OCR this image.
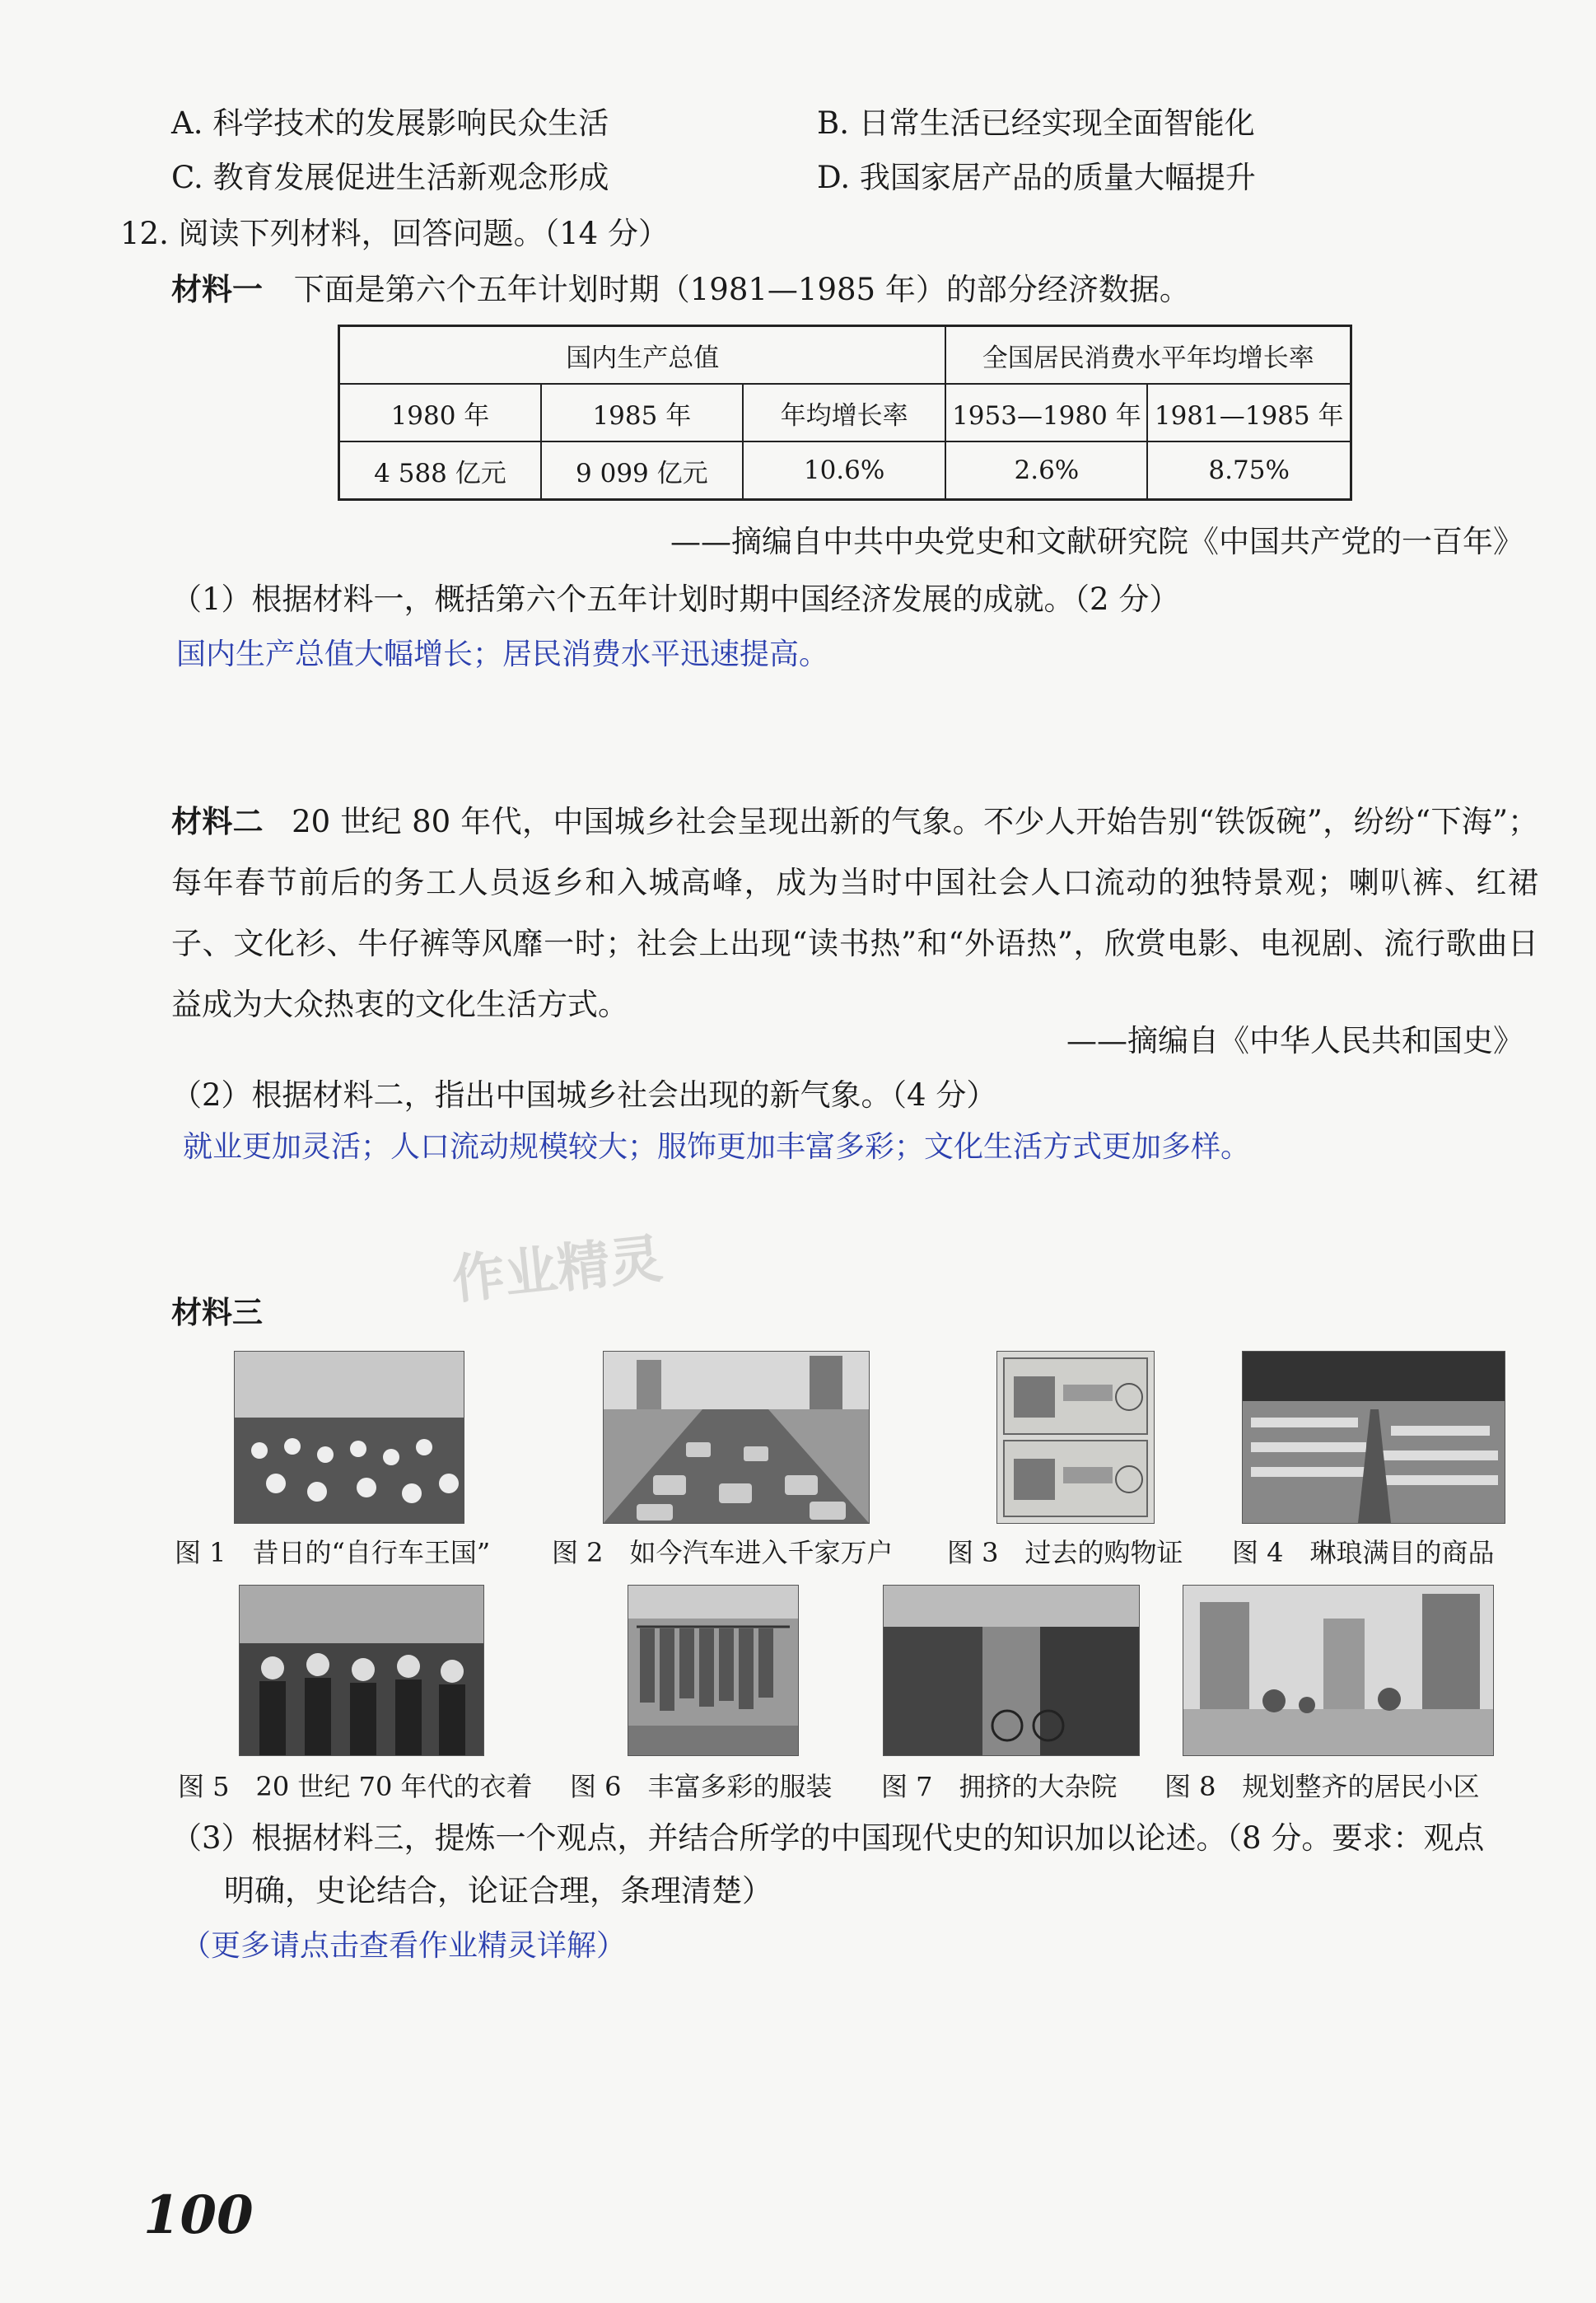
A. 科学技术的发展影响民众生活	B. 日常生活已经实现全面智能化
C. 教育发展促进生活新观念形成	D. 我国家居产品的质量大幅提升
12. 阅读下列材料，回答问题。（14 分）
材料一 下面是第六个五年计划时期（1981—1985 年）的部分经济数据。
国内生产总值			全国居民消费水平年均增长率	
1980 年	1985 年	年均增长率	1953—1980 年	1981—1985 年
4 588 亿元	9 099 亿元	10.6%	2.6%	8.75%
——摘编自中共中央党史和文献研究院《中国共产党的一百年》
（1）根据材料一，概括第六个五年计划时期中国经济发展的成就。（2 分）
国内生产总值大幅增长；居民消费水平迅速提高。
材料二 20 世纪 80 年代，中国城乡社会呈现出新的气象。不少人开始告别“铁饭碗”，纷纷“下海”；每年春节前后的务工人员返乡和入城高峰，成为当时中国社会人口流动的独特景观；喇叭裤、红裙子、文化衫、牛仔裤等风靡一时；社会上出现“读书热”和“外语热”，欣赏电影、电视剧、流行歌曲日益成为大众热衷的文化生活方式。
——摘编自《中华人民共和国史》
（2）根据材料二，指出中国城乡社会出现的新气象。（4 分）
就业更加灵活；人口流动规模较大；服饰更加丰富多彩；文化生活方式更加多样。
作业精灵
材料三
图 1　昔日的“自行车王国” 图 2　如今汽车进入千家万户 图 3　过去的购物证 图 4　琳琅满目的商品
图 5　20 世纪 70 年代的衣着 图 6　丰富多彩的服装 图 7　拥挤的大杂院 图 8　规划整齐的居民小区
（3）根据材料三，提炼一个观点，并结合所学的中国现代史的知识加以论述。（8 分。要求：观点
明确，史论结合，论证合理，条理清楚）
（更多请点击查看作业精灵详解）
100
